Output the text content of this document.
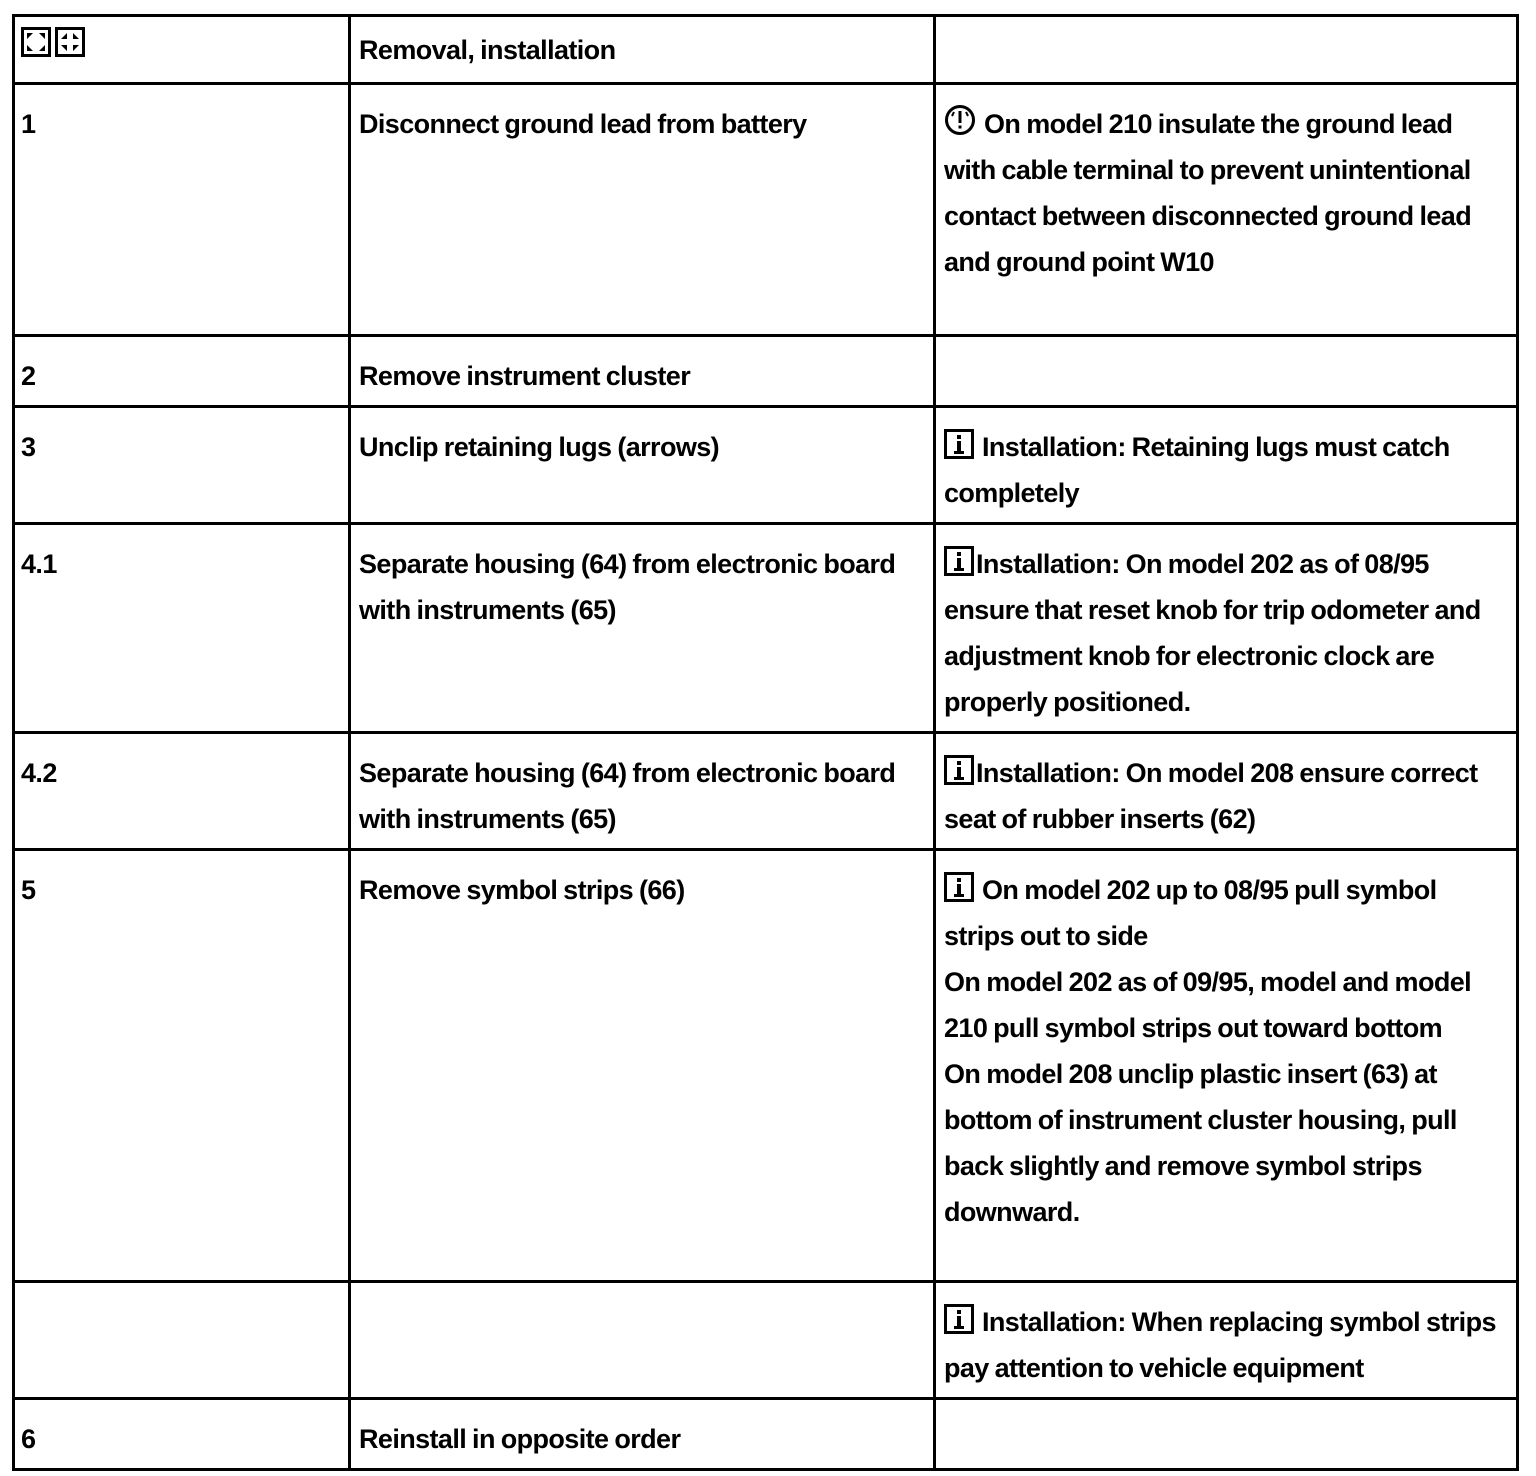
	Removal, installation	
1	Disconnect ground lead from battery	On model 210 insulate the ground lead with cable terminal to prevent unintentional contact between disconnected ground lead and ground point W10
2	Remove instrument cluster	
3	Unclip retaining lugs (arrows)	Installation: Retaining lugs must catch completely
4.1	Separate housing (64) from electronic board with instruments (65)	Installation: On model 202 as of 08/95 ensure that reset knob for trip odometer and adjustment knob for electronic clock are properly positioned.
4.2	Separate housing (64) from electronic board with instruments (65)	Installation: On model 208 ensure correct seat of rubber inserts (62)
5	Remove symbol strips (66)	On model 202 up to 08/95 pull symbol strips out to side
On model 202 as of 09/95, model and model 210 pull symbol strips out toward bottom
On model 208 unclip plastic insert (63) at bottom of instrument cluster housing, pull back slightly and remove symbol strips downward.

		Installation: When replacing symbol strips pay attention to vehicle equipment
6	Reinstall in opposite order	
